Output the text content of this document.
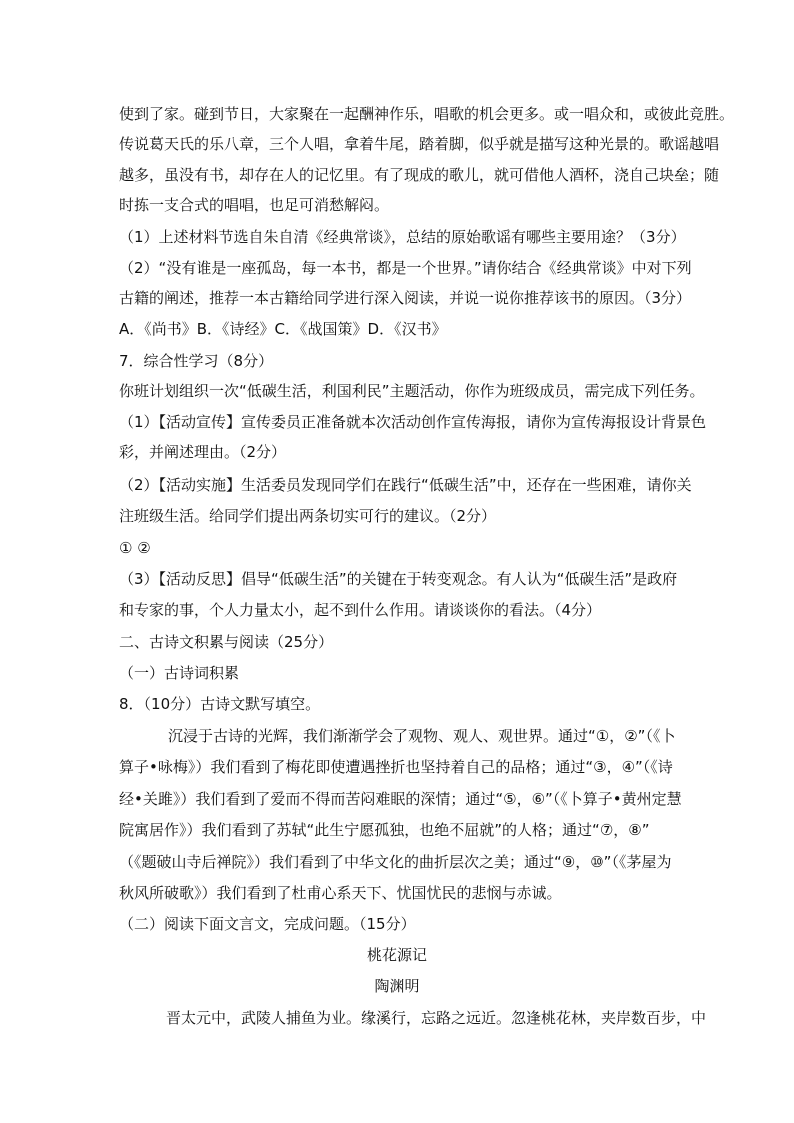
使到了家。碰到节日，大家聚在一起酬神作乐，唱歌的机会更多。或一唱众和，或彼此竞胜。
传说葛天氏的乐八章，三个人唱，拿着牛尾，踏着脚，似乎就是描写这种光景的。歌谣越唱
越多，虽没有书，却存在人的记忆里。有了现成的歌儿，就可借他人酒杯，浇自己块垒；随
时拣一支合式的唱唱，也足可消愁解闷。
（1）上述材料节选自朱自清《经典常谈》，总结的原始歌谣有哪些主要用途？（3分）
（2）“没有谁是一座孤岛，每一本书，都是一个世界。”请你结合《经典常谈》中对下列
古籍的阐述，推荐一本古籍给同学进行深入阅读，并说一说你推荐该书的原因。（3分）
A．《尚书》B．《诗经》C．《战国策》D．《汉书》
7．综合性学习（8分）
你班计划组织一次“低碳生活，利国利民”主题活动，你作为班级成员，需完成下列任务。
（1）【活动宣传】宣传委员正准备就本次活动创作宣传海报，请你为宣传海报设计背景色
彩，并阐述理由。（2分）
（2）【活动实施】生活委员发现同学们在践行“低碳生活”中，还存在一些困难，请你关
注班级生活。给同学们提出两条切实可行的建议。（2分）
① ②
（3）【活动反思】倡导“低碳生活”的关键在于转变观念。有人认为“低碳生活”是政府
和专家的事，个人力量太小，起不到什么作用。请谈谈你的看法。（4分）
二、古诗文积累与阅读（25分）
（一）古诗词积累
8．（10分）古诗文默写填空。
沉浸于古诗的光辉，我们渐渐学会了观物、观人、观世界。通过“①，②”（《卜
算子•咏梅》）我们看到了梅花即使遭遇挫折也坚持着自己的品格；通过“③，④”（《诗
经•关雎》）我们看到了爱而不得而苦闷难眠的深情；通过“⑤，⑥”（《卜算子•黄州定慧
院寓居作》）我们看到了苏轼“此生宁愿孤独，也绝不屈就”的人格；通过“⑦，⑧”
（《题破山寺后禅院》）我们看到了中华文化的曲折层次之美；通过“⑨，⑩”（《茅屋为
秋风所破歌》）我们看到了杜甫心系天下、忧国忧民的悲悯与赤诚。
（二）阅读下面文言文，完成问题。（15分）
桃花源记
陶渊明
晋太元中，武陵人捕鱼为业。缘溪行，忘路之远近。忽逢桃花林，夹岸数百步，中
